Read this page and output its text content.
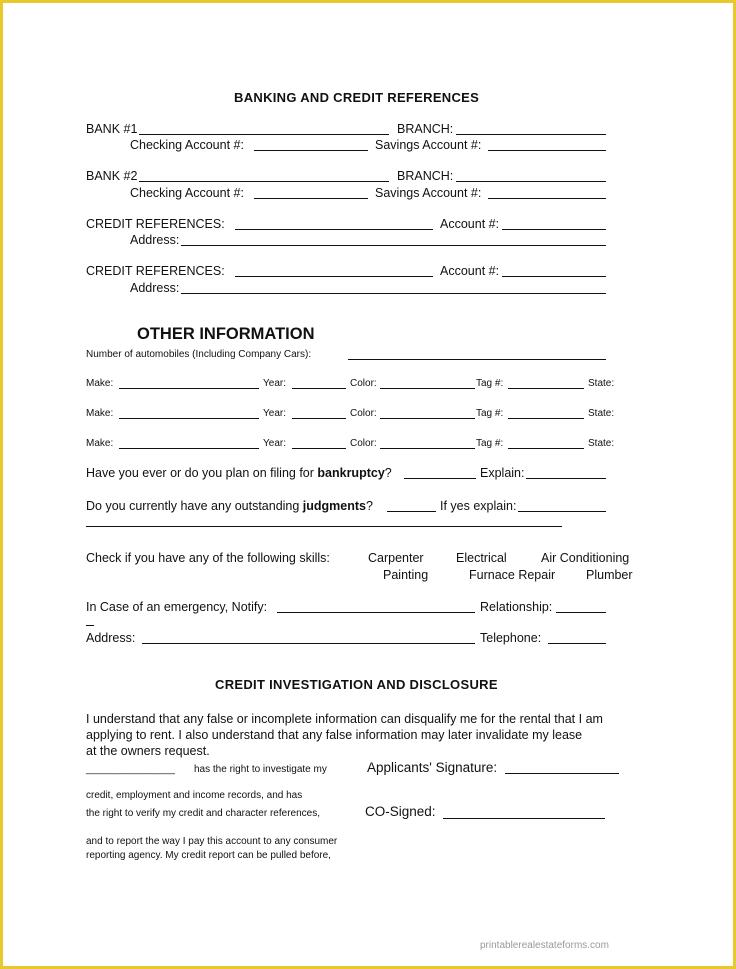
BANKING AND CREDIT REFERENCES
BANK #1	BRANCH:
Checking Account #:	Savings Account #:
BANK #2	BRANCH:
Checking Account #:	Savings Account #:
CREDIT REFERENCES:	Account #:
Address:
CREDIT REFERENCES:	Account #:
Address:
OTHER INFORMATION
Number of automobiles (Including Company Cars):
Make:	Year:	Color:	Tag #:	State:
Make:	Year:	Color:	Tag #:	State:
Make:	Year:	Color:	Tag #:	State:
Have you ever or do you plan on filing for bankruptcy?	Explain:
Do you currently have any outstanding judgments?	If yes explain:
Check if you have any of the following skills:	Carpenter	Electrical	Air Conditioning
Painting	Furnace Repair Plumber
In Case of an emergency, Notify:	Relationship:
Address:	Telephone:
CREDIT INVESTIGATION AND DISCLOSURE
I understand that any false or incomplete information can disqualify me for the rental that I am
applying to rent. I also understand that any false information may later invalidate my lease
at the owners request.
________________ has the right to investigate my
credit, employment and income records, and has
the right to verify my credit and character references,
and to report the way I pay this account to any consumer
reporting agency. My credit report can be pulled before,
Applicants' Signature:
CO-Signed:
printablerealestateforms.com
